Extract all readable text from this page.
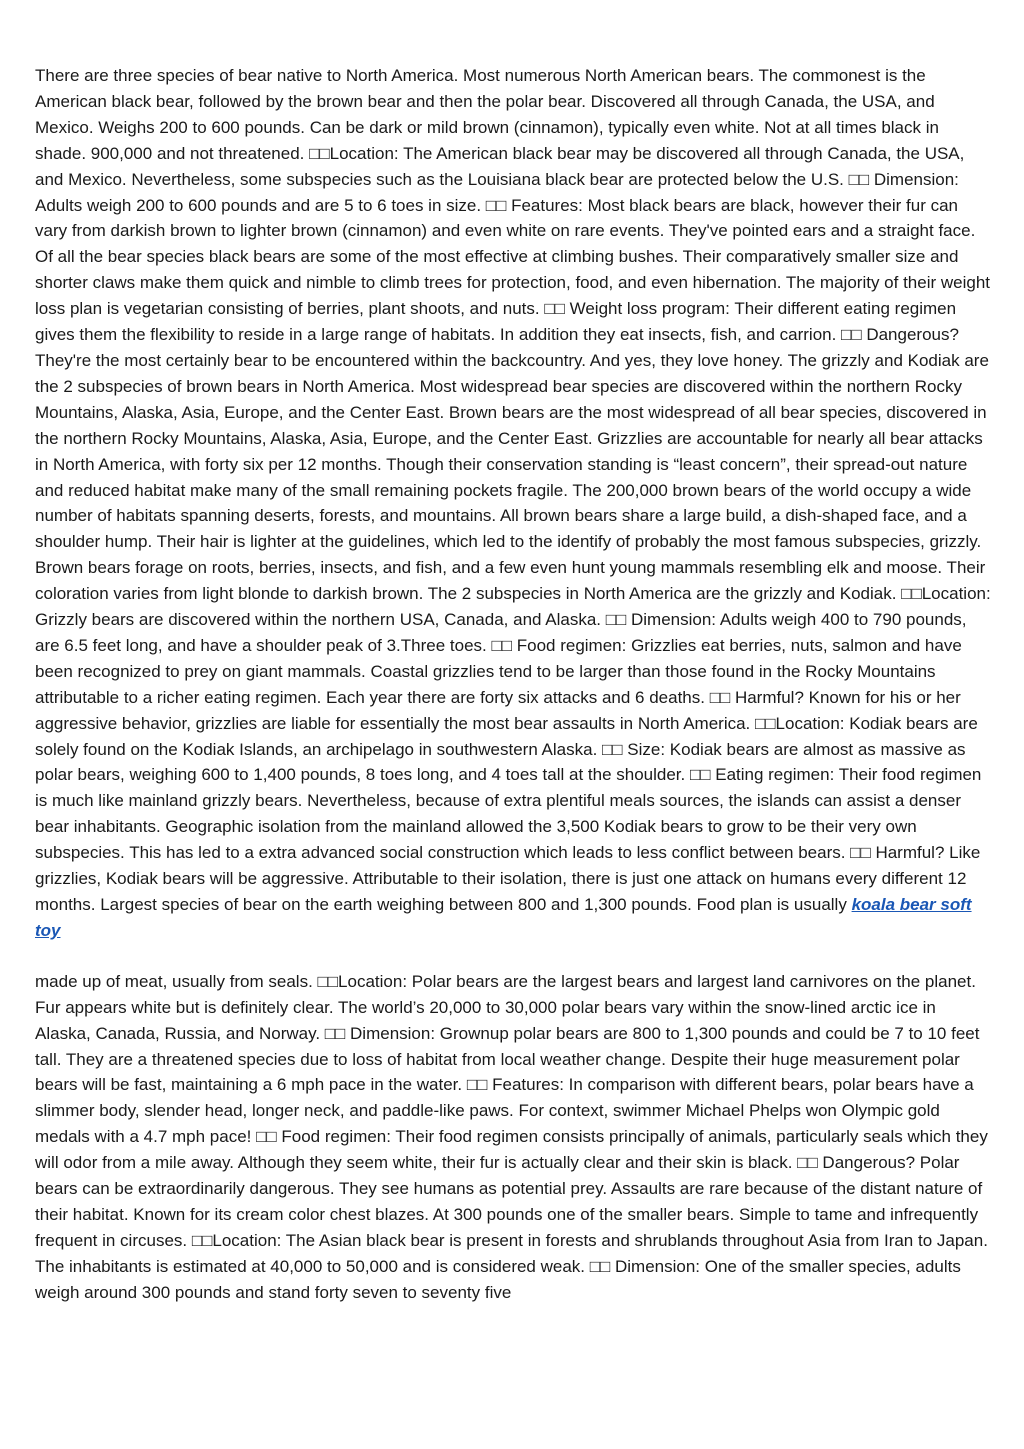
There are three species of bear native to North America. Most numerous North American bears. The commonest is the American black bear, followed by the brown bear and then the polar bear. Discovered all through Canada, the USA, and Mexico. Weighs 200 to 600 pounds. Can be dark or mild brown (cinnamon), typically even white. Not at all times black in shade. 900,000 and not threatened. □□Location: The American black bear may be discovered all through Canada, the USA, and Mexico. Nevertheless, some subspecies such as the Louisiana black bear are protected below the U.S. □□ Dimension: Adults weigh 200 to 600 pounds and are 5 to 6 toes in size. □□ Features: Most black bears are black, however their fur can vary from darkish brown to lighter brown (cinnamon) and even white on rare events. They've pointed ears and a straight face. Of all the bear species black bears are some of the most effective at climbing bushes. Their comparatively smaller size and shorter claws make them quick and nimble to climb trees for protection, food, and even hibernation. The majority of their weight loss plan is vegetarian consisting of berries, plant shoots, and nuts. □□ Weight loss program: Their different eating regimen gives them the flexibility to reside in a large range of habitats. In addition they eat insects, fish, and carrion. □□ Dangerous? They're the most certainly bear to be encountered within the backcountry. And yes, they love honey. The grizzly and Kodiak are the 2 subspecies of brown bears in North America. Most widespread bear species are discovered within the northern Rocky Mountains, Alaska, Asia, Europe, and the Center East. Brown bears are the most widespread of all bear species, discovered in the northern Rocky Mountains, Alaska, Asia, Europe, and the Center East. Grizzlies are accountable for nearly all bear attacks in North America, with forty six per 12 months. Though their conservation standing is “least concern”, their spread-out nature and reduced habitat make many of the small remaining pockets fragile. The 200,000 brown bears of the world occupy a wide number of habitats spanning deserts, forests, and mountains. All brown bears share a large build, a dish-shaped face, and a shoulder hump. Their hair is lighter at the guidelines, which led to the identify of probably the most famous subspecies, grizzly. Brown bears forage on roots, berries, insects, and fish, and a few even hunt young mammals resembling elk and moose. Their coloration varies from light blonde to darkish brown. The 2 subspecies in North America are the grizzly and Kodiak. □□Location: Grizzly bears are discovered within the northern USA, Canada, and Alaska. □□ Dimension: Adults weigh 400 to 790 pounds, are 6.5 feet long, and have a shoulder peak of 3.Three toes. □□ Food regimen: Grizzlies eat berries, nuts, salmon and have been recognized to prey on giant mammals. Coastal grizzlies tend to be larger than those found in the Rocky Mountains attributable to a richer eating regimen. Each year there are forty six attacks and 6 deaths. □□ Harmful? Known for his or her aggressive behavior, grizzlies are liable for essentially the most bear assaults in North America. □□Location: Kodiak bears are solely found on the Kodiak Islands, an archipelago in southwestern Alaska. □□ Size: Kodiak bears are almost as massive as polar bears, weighing 600 to 1,400 pounds, 8 toes long, and 4 toes tall at the shoulder. □□ Eating regimen: Their food regimen is much like mainland grizzly bears. Nevertheless, because of extra plentiful meals sources, the islands can assist a denser bear inhabitants. Geographic isolation from the mainland allowed the 3,500 Kodiak bears to grow to be their very own subspecies. This has led to a extra advanced social construction which leads to less conflict between bears. □□ Harmful? Like grizzlies, Kodiak bears will be aggressive. Attributable to their isolation, there is just one attack on humans every different 12 months. Largest species of bear on the earth weighing between 800 and 1,300 pounds. Food plan is usually koala bear soft toy

made up of meat, usually from seals. □□Location: Polar bears are the largest bears and largest land carnivores on the planet. Fur appears white but is definitely clear. The world’s 20,000 to 30,000 polar bears vary within the snow-lined arctic ice in Alaska, Canada, Russia, and Norway. □□ Dimension: Grownup polar bears are 800 to 1,300 pounds and could be 7 to 10 feet tall. They are a threatened species due to loss of habitat from local weather change. Despite their huge measurement polar bears will be fast, maintaining a 6 mph pace in the water. □□ Features: In comparison with different bears, polar bears have a slimmer body, slender head, longer neck, and paddle-like paws. For context, swimmer Michael Phelps won Olympic gold medals with a 4.7 mph pace! □□ Food regimen: Their food regimen consists principally of animals, particularly seals which they will odor from a mile away. Although they seem white, their fur is actually clear and their skin is black. □□ Dangerous? Polar bears can be extraordinarily dangerous. They see humans as potential prey. Assaults are rare because of the distant nature of their habitat. Known for its cream color chest blazes. At 300 pounds one of the smaller bears. Simple to tame and infrequently frequent in circuses. □□Location: The Asian black bear is present in forests and shrublands throughout Asia from Iran to Japan. The inhabitants is estimated at 40,000 to 50,000 and is considered weak. □□ Dimension: One of the smaller species, adults weigh around 300 pounds and stand forty seven to seventy five
